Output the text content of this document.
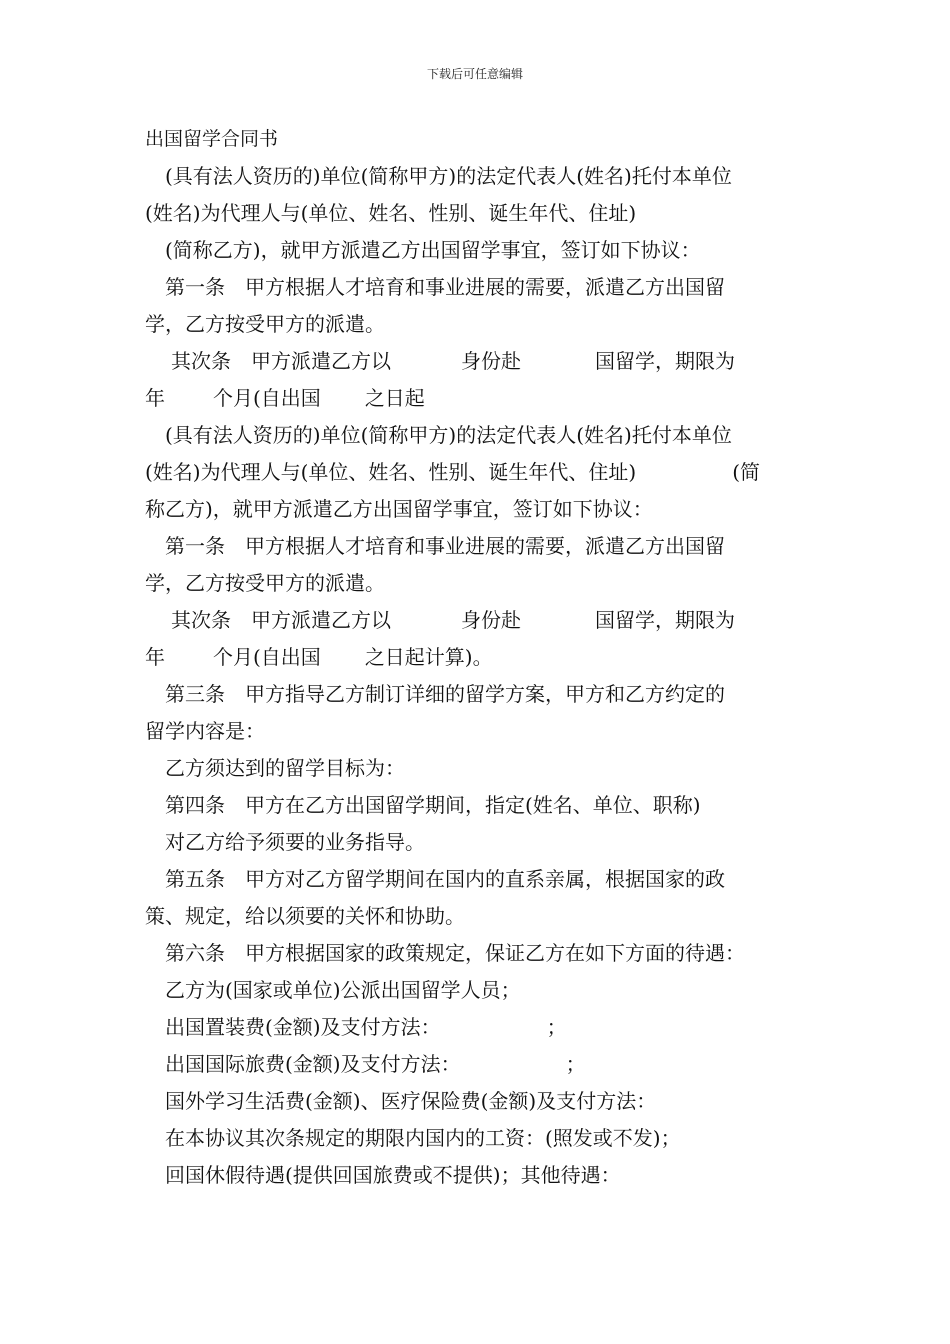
下载后可任意编辑
出国留学合同书
(具有法人资历的)单位(简称甲方)的法定代表人(姓名)托付本单位
(姓名)为代理人与(单位、姓名、性别、诞生年代、住址)
(简称乙方)，就甲方派遣乙方出国留学事宜，签订如下协议：
第一条　甲方根据人才培育和事业进展的需要，派遣乙方出国留
学，乙方按受甲方的派遣。
其次条　甲方派遣乙方以	身份赴	国留学，期限为
年 个月(自出国 之日起
(具有法人资历的)单位(简称甲方)的法定代表人(姓名)托付本单位
(姓名)为代理人与(单位、姓名、性别、诞生年代、住址)	(简
称乙方)，就甲方派遣乙方出国留学事宜，签订如下协议：
第一条　甲方根据人才培育和事业进展的需要，派遣乙方出国留
学，乙方按受甲方的派遣。
其次条　甲方派遣乙方以	身份赴	国留学，期限为
年 个月(自出国 之日起计算)。
第三条　甲方指导乙方制订详细的留学方案，甲方和乙方约定的
留学内容是：
乙方须达到的留学目标为：
第四条　甲方在乙方出国留学期间，指定(姓名、单位、职称)
对乙方给予须要的业务指导。
第五条　甲方对乙方留学期间在国内的直系亲属，根据国家的政
策、规定，给以须要的关怀和协助。
第六条　甲方根据国家的政策规定，保证乙方在如下方面的待遇：
乙方为(国家或单位)公派出国留学人员；
出国置装费(金额)及支付方法：	；
出国国际旅费(金额)及支付方法：	；
国外学习生活费(金额)、医疗保险费(金额)及支付方法：
在本协议其次条规定的期限内国内的工资：(照发或不发)；
回国休假待遇(提供回国旅费或不提供)；其他待遇：
